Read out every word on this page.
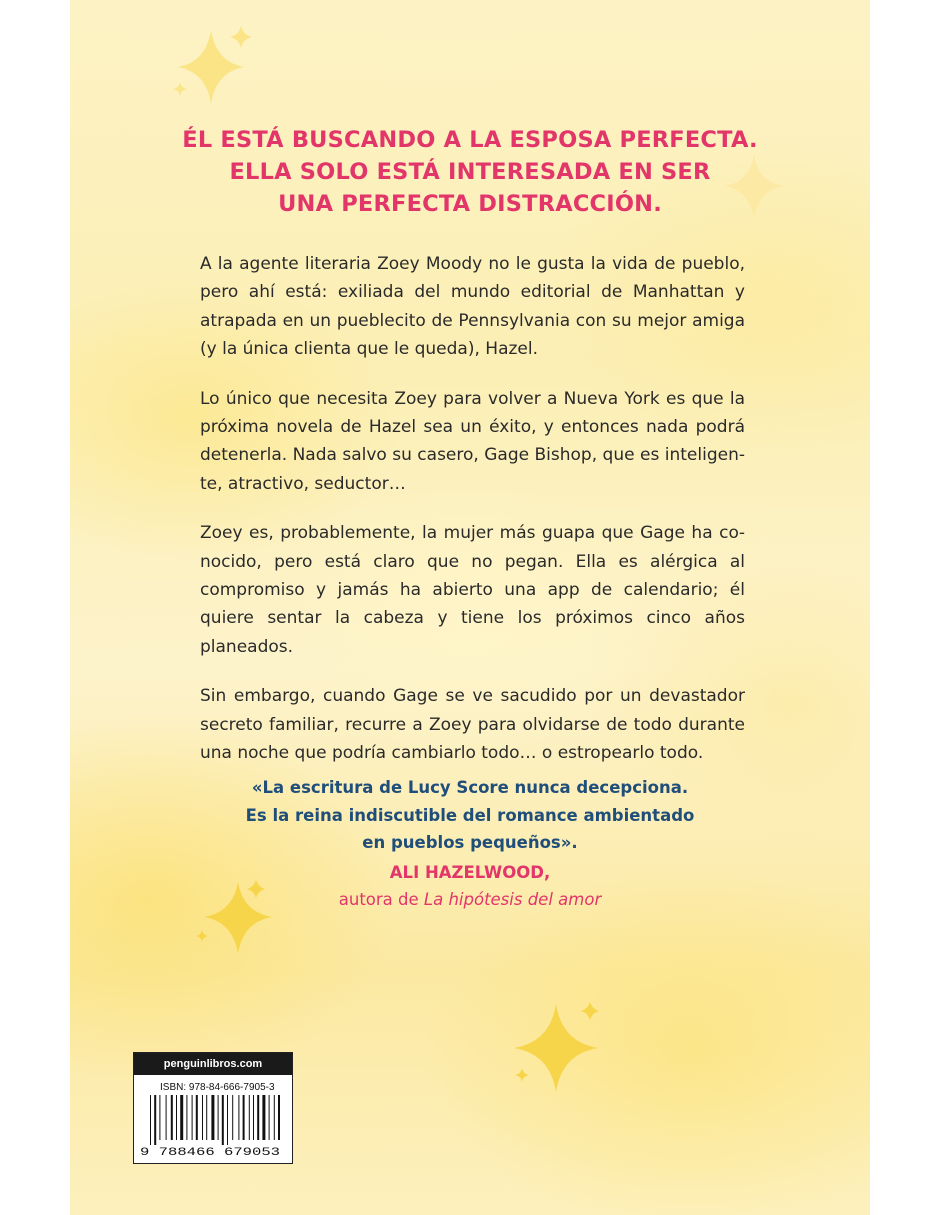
ÉL ESTÁ BUSCANDO A LA ESPOSA PERFECTA.
ELLA SOLO ESTÁ INTERESADA EN SER
UNA PERFECTA DISTRACCIÓN.

A la agente literaria Zoey Moody no le gusta la vida de pueblo, pero ahí está: exiliada del mundo editorial de Manhattan y atrapada en un pueblecito de Pennsylvania con su mejor amiga (y la única clienta que le queda), Hazel.

Lo único que necesita Zoey para volver a Nueva York es que la próxima novela de Hazel sea un éxito, y entonces nada podrá detenerla. Nada salvo su casero, Gage Bishop, que es inteligente, atractivo, seductor…

Zoey es, probablemente, la mujer más guapa que Gage ha conocido, pero está claro que no pegan. Ella es alérgica al compromiso y jamás ha abierto una app de calendario; él quiere sentar la cabeza y tiene los próximos cinco años planeados.

Sin embargo, cuando Gage se ve sacudido por un devastador secreto familiar, recurre a Zoey para olvidarse de todo durante una noche que podría cambiarlo todo… o estropearlo todo.

«La escritura de Lucy Score nunca decepciona.
Es la reina indiscutible del romance ambientado
en pueblos pequeños».
ALI HAZELWOOD,
autora de La hipótesis del amor
penguinlibros.com
ISBN: 978-84-666-7905-3
9 788466 679053
